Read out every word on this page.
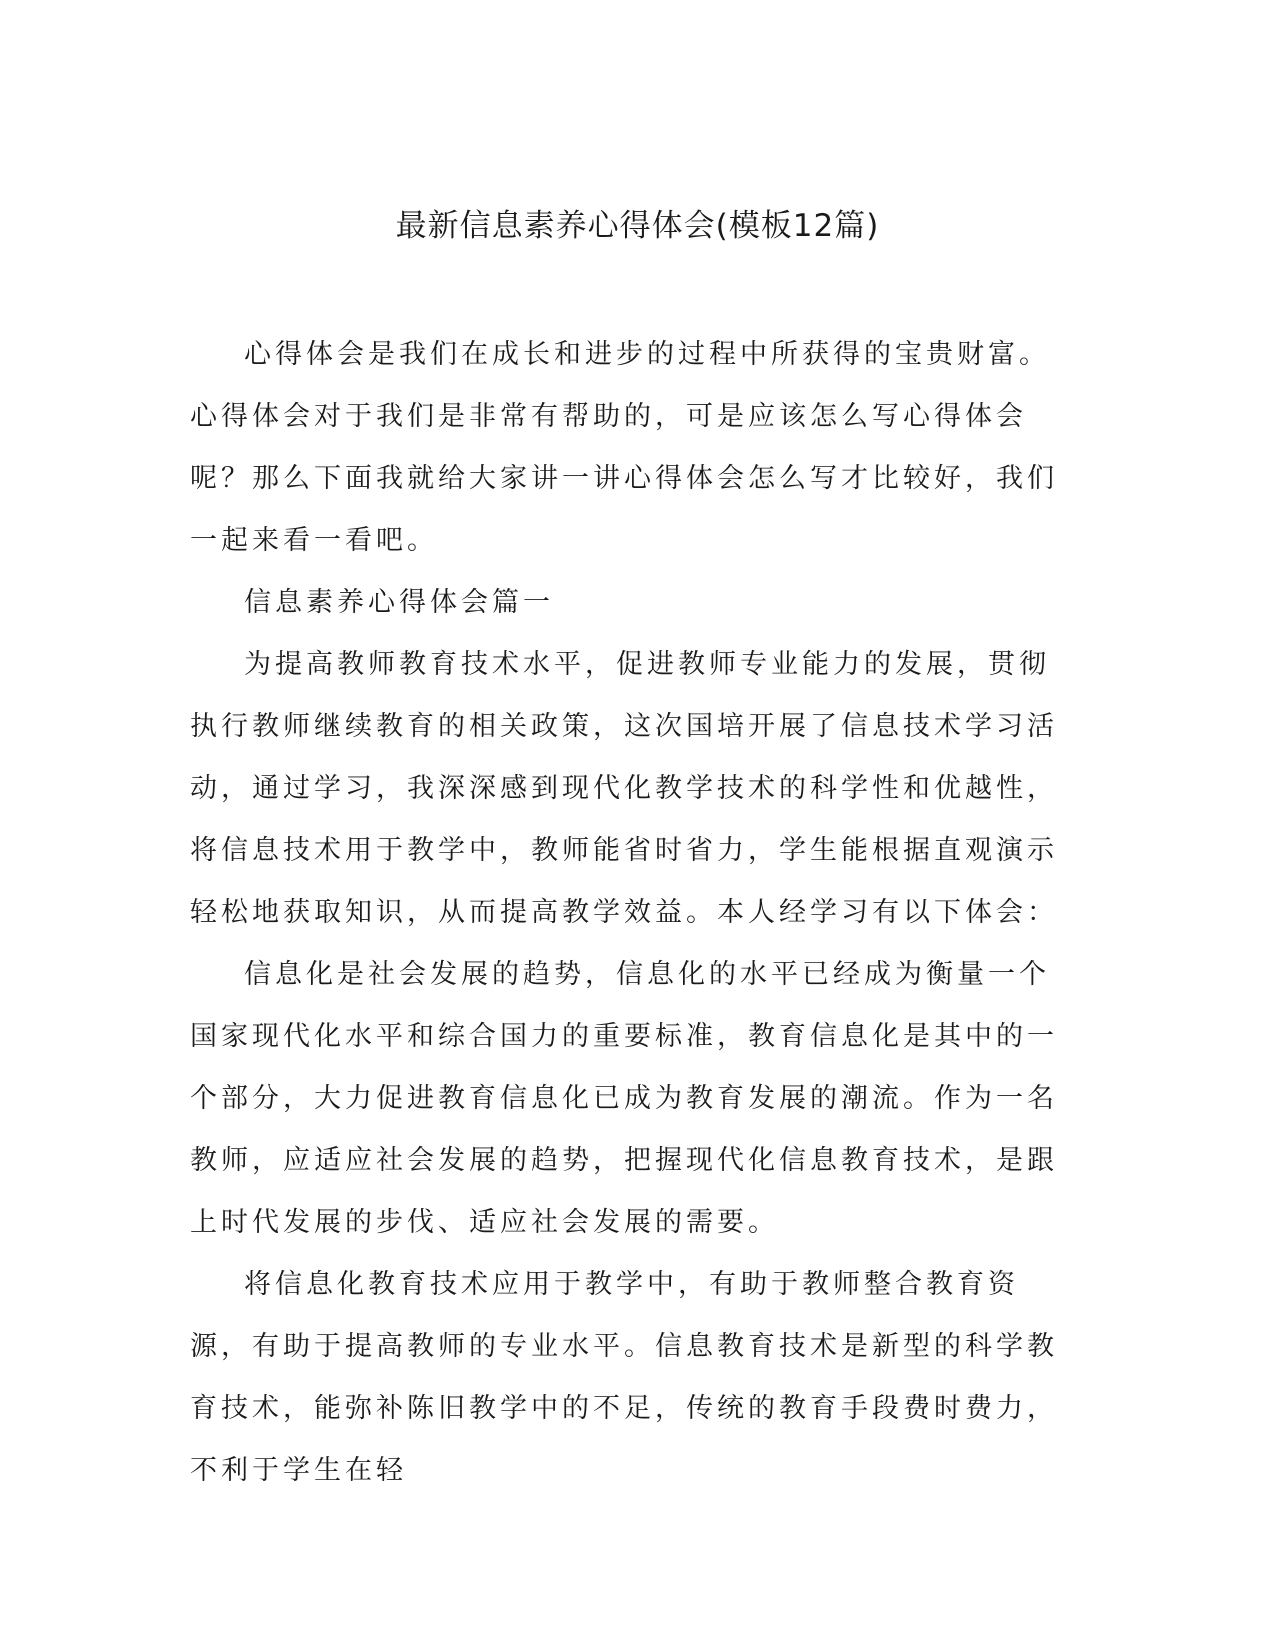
最新信息素养心得体会(模板12篇)

心得体会是我们在成长和进步的过程中所获得的宝贵财富。心得体会对于我们是非常有帮助的，可是应该怎么写心得体会呢？那么下面我就给大家讲一讲心得体会怎么写才比较好，我们一起来看一看吧。

信息素养心得体会篇一

为提高教师教育技术水平，促进教师专业能力的发展，贯彻执行教师继续教育的相关政策，这次国培开展了信息技术学习活动，通过学习，我深深感到现代化教学技术的科学性和优越性，将信息技术用于教学中，教师能省时省力，学生能根据直观演示轻松地获取知识，从而提高教学效益。本人经学习有以下体会：

信息化是社会发展的趋势，信息化的水平已经成为衡量一个国家现代化水平和综合国力的重要标准，教育信息化是其中的一个部分，大力促进教育信息化已成为教育发展的潮流。作为一名教师，应适应社会发展的趋势，把握现代化信息教育技术，是跟上时代发展的步伐、适应社会发展的需要。

将信息化教育技术应用于教学中，有助于教师整合教育资源，有助于提高教师的专业水平。信息教育技术是新型的科学教育技术，能弥补陈旧教学中的不足，传统的教育手段费时费力，不利于学生在轻
